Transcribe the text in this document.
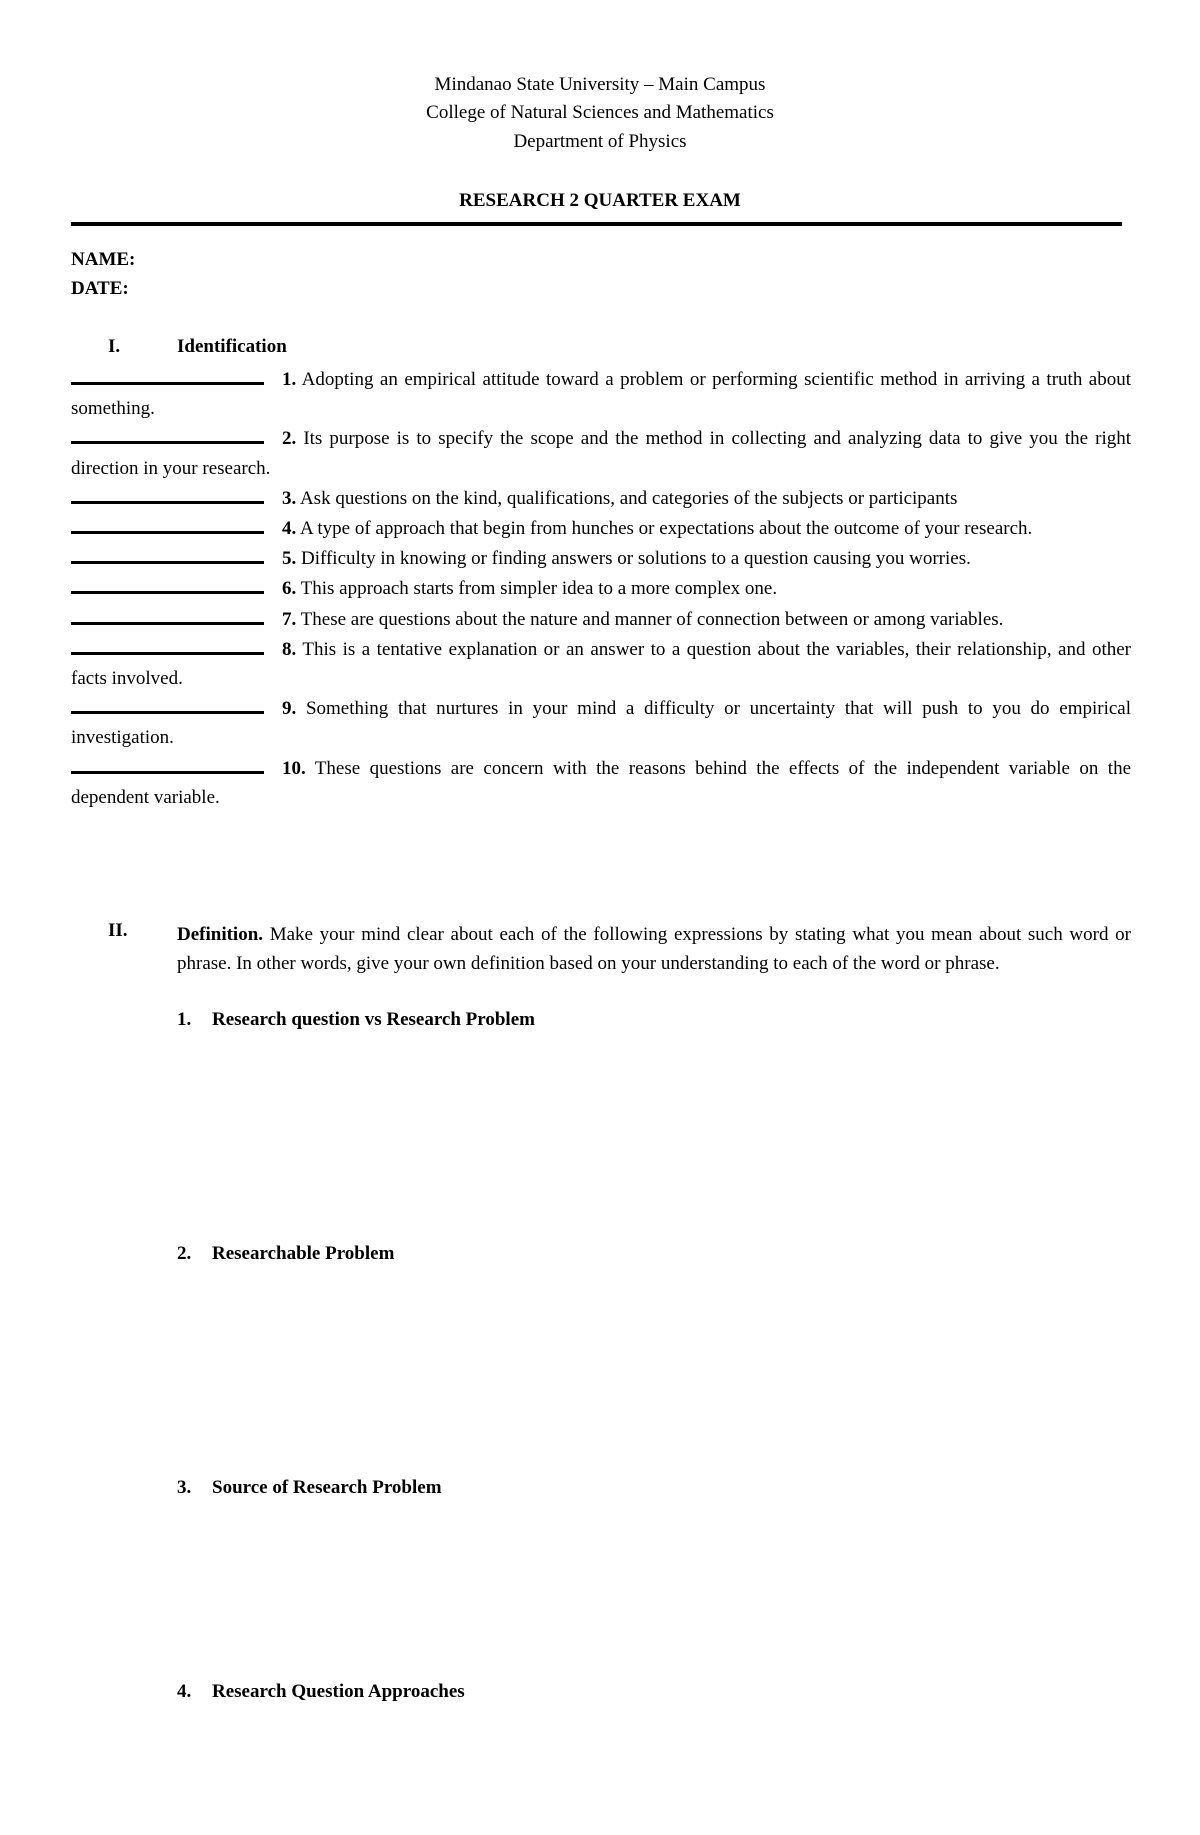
Mindanao State University – Main Campus
College of Natural Sciences and Mathematics
Department of Physics
RESEARCH 2 QUARTER EXAM
NAME:
DATE:
I.	Identification
1. Adopting an empirical attitude toward a problem or performing scientific method in arriving a truth about something.
2. Its purpose is to specify the scope and the method in collecting and analyzing data to give you the right direction in your research.
3. Ask questions on the kind, qualifications, and categories of the subjects or participants
4. A type of approach that begin from hunches or expectations about the outcome of your research.
5. Difficulty in knowing or finding answers or solutions to a question causing you worries.
6. This approach starts from simpler idea to a more complex one.
7. These are questions about the nature and manner of connection between or among variables.
8. This is a tentative explanation or an answer to a question about the variables, their relationship, and other facts involved.
9. Something that nurtures in your mind a difficulty or uncertainty that will push to you do empirical investigation.
10. These questions are concern with the reasons behind the effects of the independent variable on the dependent variable.
II.	Definition. Make your mind clear about each of the following expressions by stating what you mean about such word or phrase. In other words, give your own definition based on your understanding to each of the word or phrase.
1. Research question vs Research Problem
2. Researchable Problem
3. Source of Research Problem
4. Research Question Approaches
